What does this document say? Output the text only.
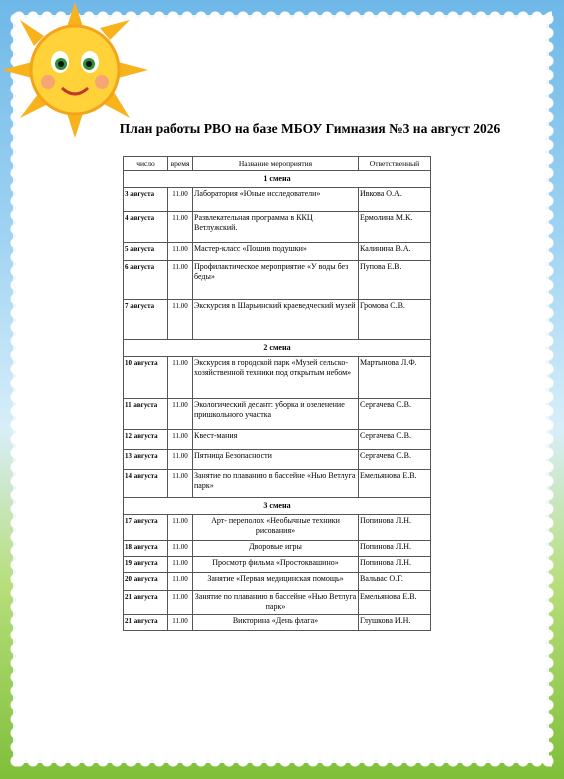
План работы РВО на базе МБОУ Гимназия №3 на август 2026
число	время	Название мероприятия	Ответственный
1 смена			
3 августа	11.00	Лаборатория «Юные исследователи»	Ивкова О.А.
4 августа	11.00	Развлекательная программа в ККЦ Ветлужский.	Ермолина М.К.
5 августа	11.00	Мастер-класс «Пошив подушки»	Калинина В.А.
6 августа	11.00	Профилактическое мероприятие «У воды без беды»	Пупова Е.В.
7 августа	11.00	Экскурсия в Шарьинский краеведческий музей	Громова С.В.
2 смена			
10 августа	11.00	Экскурсия в городской парк «Музей сельско-хозяйственной техники под открытым небом»	Мартынова Л.Ф.
11 августа	11.00	Экологический десант: уборка и озеленение пришкольного участка	Сергачева С.В.
12 августа	11.00	Квест-мания	Сергачева С.В.
13 августа	11.00	Пятница Безопасности	Сергачева С.В.
14 августа	11.00	Занятие по плаванию в бассейне «Нью Ветлуга парк»	Емельянова Е.В.
3 смена			
17 августа	11.00	Арт- переполох «Необычные техники рисования»	Попинова Л.Н.
18 августа	11.00	Дворовые игры	Попинова Л.Н.
19 августа	11.00	Просмотр фильма «Простоквашино»	Попинова Л.Н.
20 августа	11.00	Занятие «Первая медицинская помощь»	Вальвас О.Г.
21 августа	11.00	Занятие по плаванию в бассейне «Нью Ветлуга парк»	Емельянова Е.В.
21 августа	11.00	Викторина «День флага»	Глушкова И.Н.
